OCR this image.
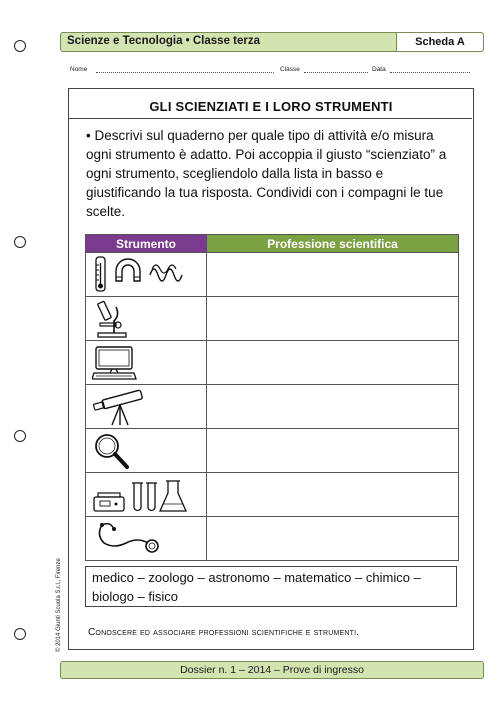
Scienze e Tecnologia • Classe terza	Scheda A
Nome	Classe	Data
GLI SCIENZIATI E I LORO STRUMENTI
• Descrivi sul quaderno per quale tipo di attività e/o misura ogni strumento è adatto. Poi accoppia il giusto “scienziato” a ogni strumento, scegliendolo dalla lista in basso e giustificando la tua risposta. Condividi con i compagni le tue scelte.
Strumento	Professione scientifica

medico – zoologo – astronomo – matematico – chimico – biologo – fisico
Conoscere ed associare professioni scientifiche e strumenti.
Dossier n. 1 – 2014 – Prove di ingresso
© 2014 Giunti Scuola S.r.l., Firenze
